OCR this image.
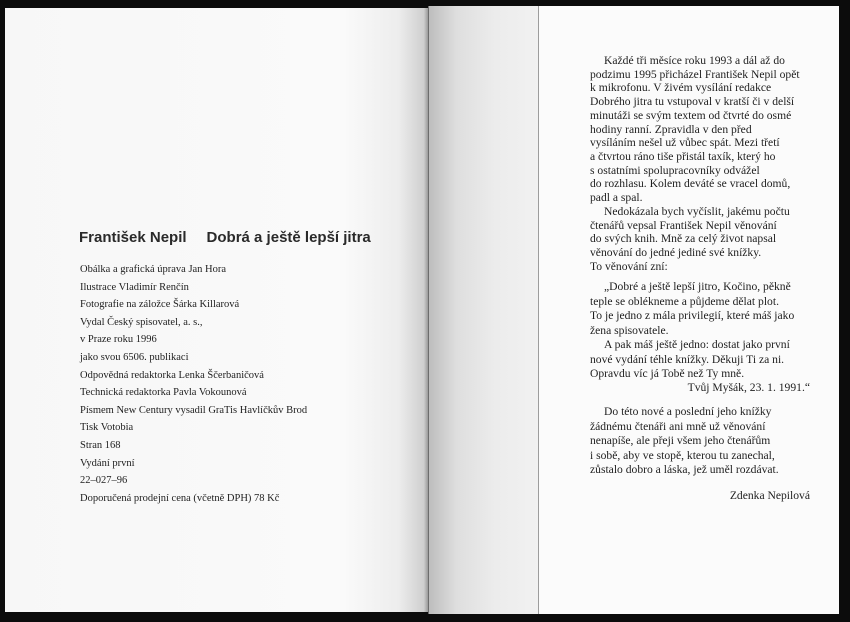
František Nepil Dobrá a ještě lepší jitra
Obálka a grafická úprava Jan Hora
Ilustrace Vladimír Renčín
Fotografie na záložce Šárka Killarová
Vydal Český spisovatel, a. s.,
v Praze roku 1996
jako svou 6506. publikaci
Odpovědná redaktorka Lenka Ščerbaničová
Technická redaktorka Pavla Vokounová
Písmem New Century vysadil GraTis Havlíčkův Brod
Tisk Votobia
Stran 168
Vydání první
22–027–96
Doporučená prodejní cena (včetně DPH) 78 Kč
Každé tři měsíce roku 1993 a dál až do
podzimu 1995 přicházel František Nepil opět
k mikrofonu. V živém vysílání redakce
Dobrého jitra tu vstupoval v kratší či v delší
minutáži se svým textem od čtvrté do osmé
hodiny ranní. Zpravidla v den před
vysíláním nešel už vůbec spát. Mezi třetí
a čtvrtou ráno tiše přistál taxík, který ho
s ostatními spolupracovníky odvážel
do rozhlasu. Kolem deváté se vracel domů,
padl a spal.
Nedokázala bych vyčíslit, jakému počtu
čtenářů vepsal František Nepil věnování
do svých knih. Mně za celý život napsal
věnování do jedné jediné své knížky.
To věnování zní:
„Dobré a ještě lepší jitro, Kočino, pěkně
teple se oblékneme a půjdeme dělat plot.
To je jedno z mála privilegií, které máš jako
žena spisovatele.
A pak máš ještě jedno: dostat jako první
nové vydání téhle knížky. Děkuji Ti za ni.
Opravdu víc já Tobě než Ty mně.
Tvůj Myšák, 23. 1. 1991.“
Do této nové a poslední jeho knížky
žádnému čtenáři ani mně už věnování
nenapíše, ale přeji všem jeho čtenářům
i sobě, aby ve stopě, kterou tu zanechal,
zůstalo dobro a láska, jež uměl rozdávat.
Zdenka Nepilová
